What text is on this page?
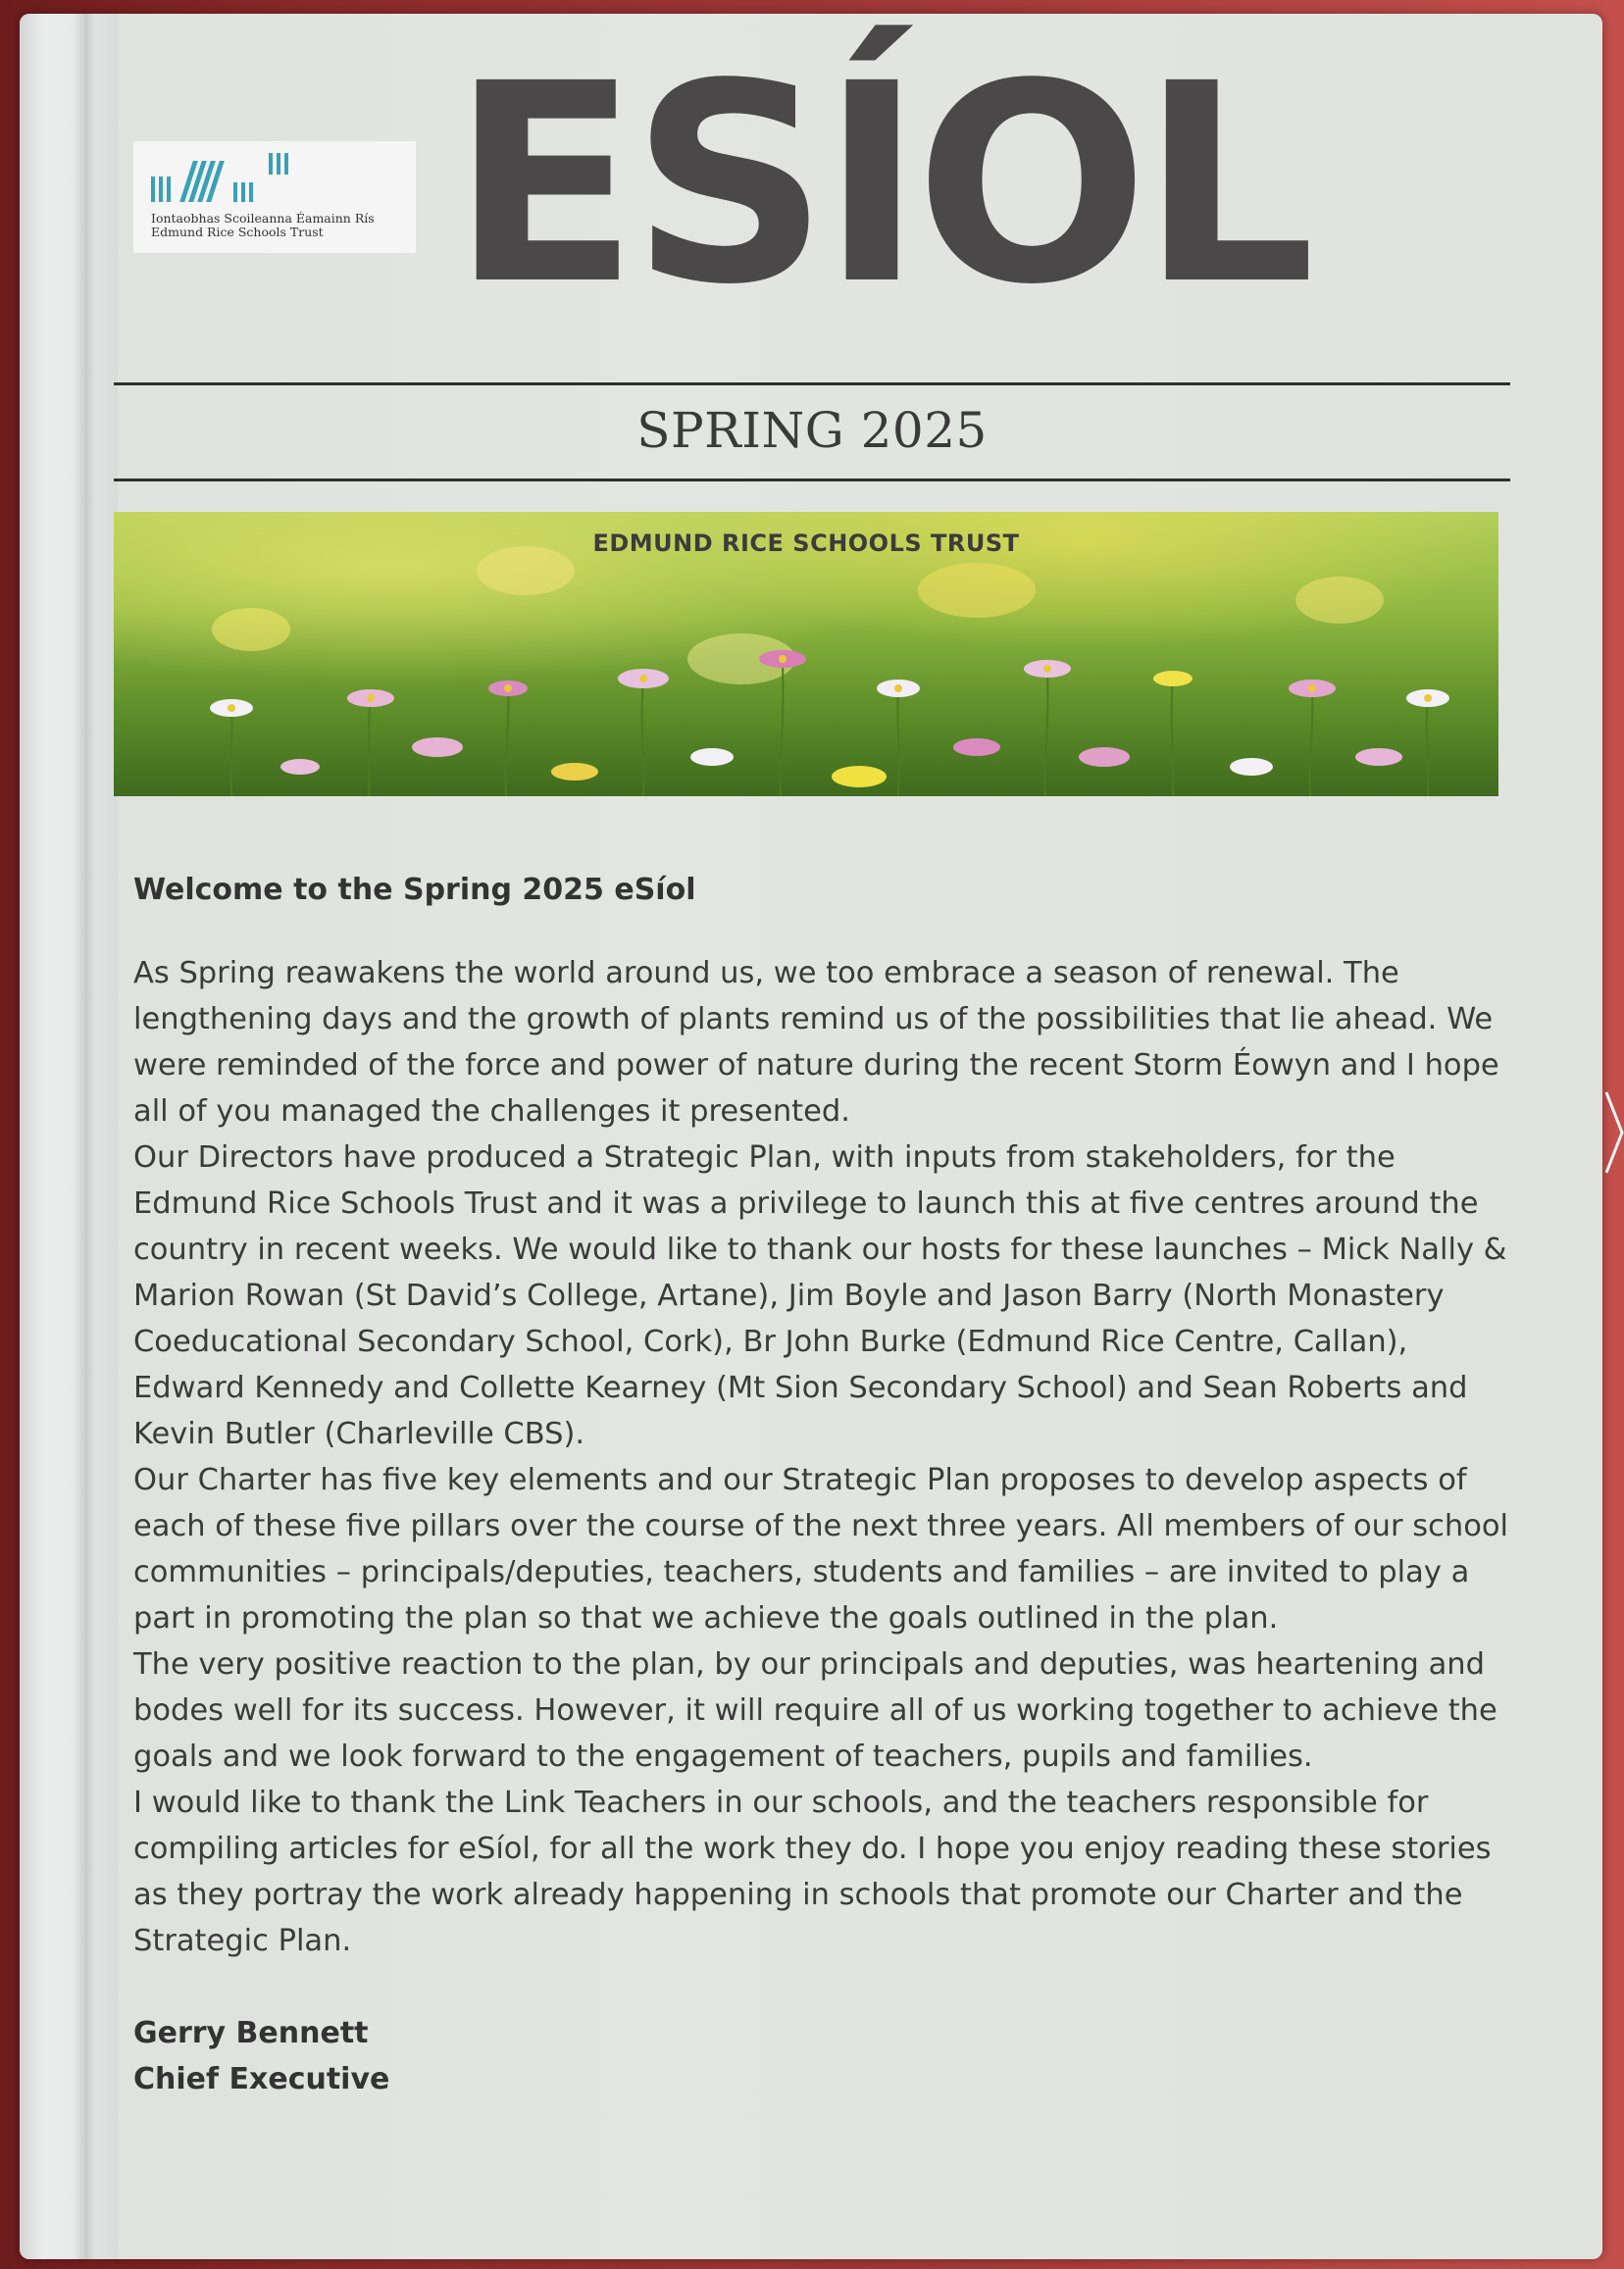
Iontaobhas Scoileanna Éamainn Rís
Edmund Rice Schools Trust ESÍOL
SPRING 2025
EDMUND RICE SCHOOLS TRUST
Welcome to the Spring 2025 eSíol

As Spring reawakens the world around us, we too embrace a season of renewal. The lengthening days and the growth of plants remind us of the possibilities that lie ahead. We were reminded of the force and power of nature during the recent Storm Éowyn and I hope all of you managed the challenges it presented.

Our Directors have produced a Strategic Plan, with inputs from stakeholders, for the Edmund Rice Schools Trust and it was a privilege to launch this at five centres around the country in recent weeks. We would like to thank our hosts for these launches – Mick Nally & Marion Rowan (St David’s College, Artane), Jim Boyle and Jason Barry (North Monastery Coeducational Secondary School, Cork), Br John Burke (Edmund Rice Centre, Callan), Edward Kennedy and Collette Kearney (Mt Sion Secondary School) and Sean Roberts and Kevin Butler (Charleville CBS).

Our Charter has five key elements and our Strategic Plan proposes to develop aspects of each of these five pillars over the course of the next three years. All members of our school communities – principals/deputies, teachers, students and families – are invited to play a part in promoting the plan so that we achieve the goals outlined in the plan.

The very positive reaction to the plan, by our principals and deputies, was heartening and bodes well for its success. However, it will require all of us working together to achieve the goals and we look forward to the engagement of teachers, pupils and families.

I would like to thank the Link Teachers in our schools, and the teachers responsible for compiling articles for eSíol, for all the work they do. I hope you enjoy reading these stories as they portray the work already happening in schools that promote our Charter and the Strategic Plan.

Gerry Bennett
Chief Executive
